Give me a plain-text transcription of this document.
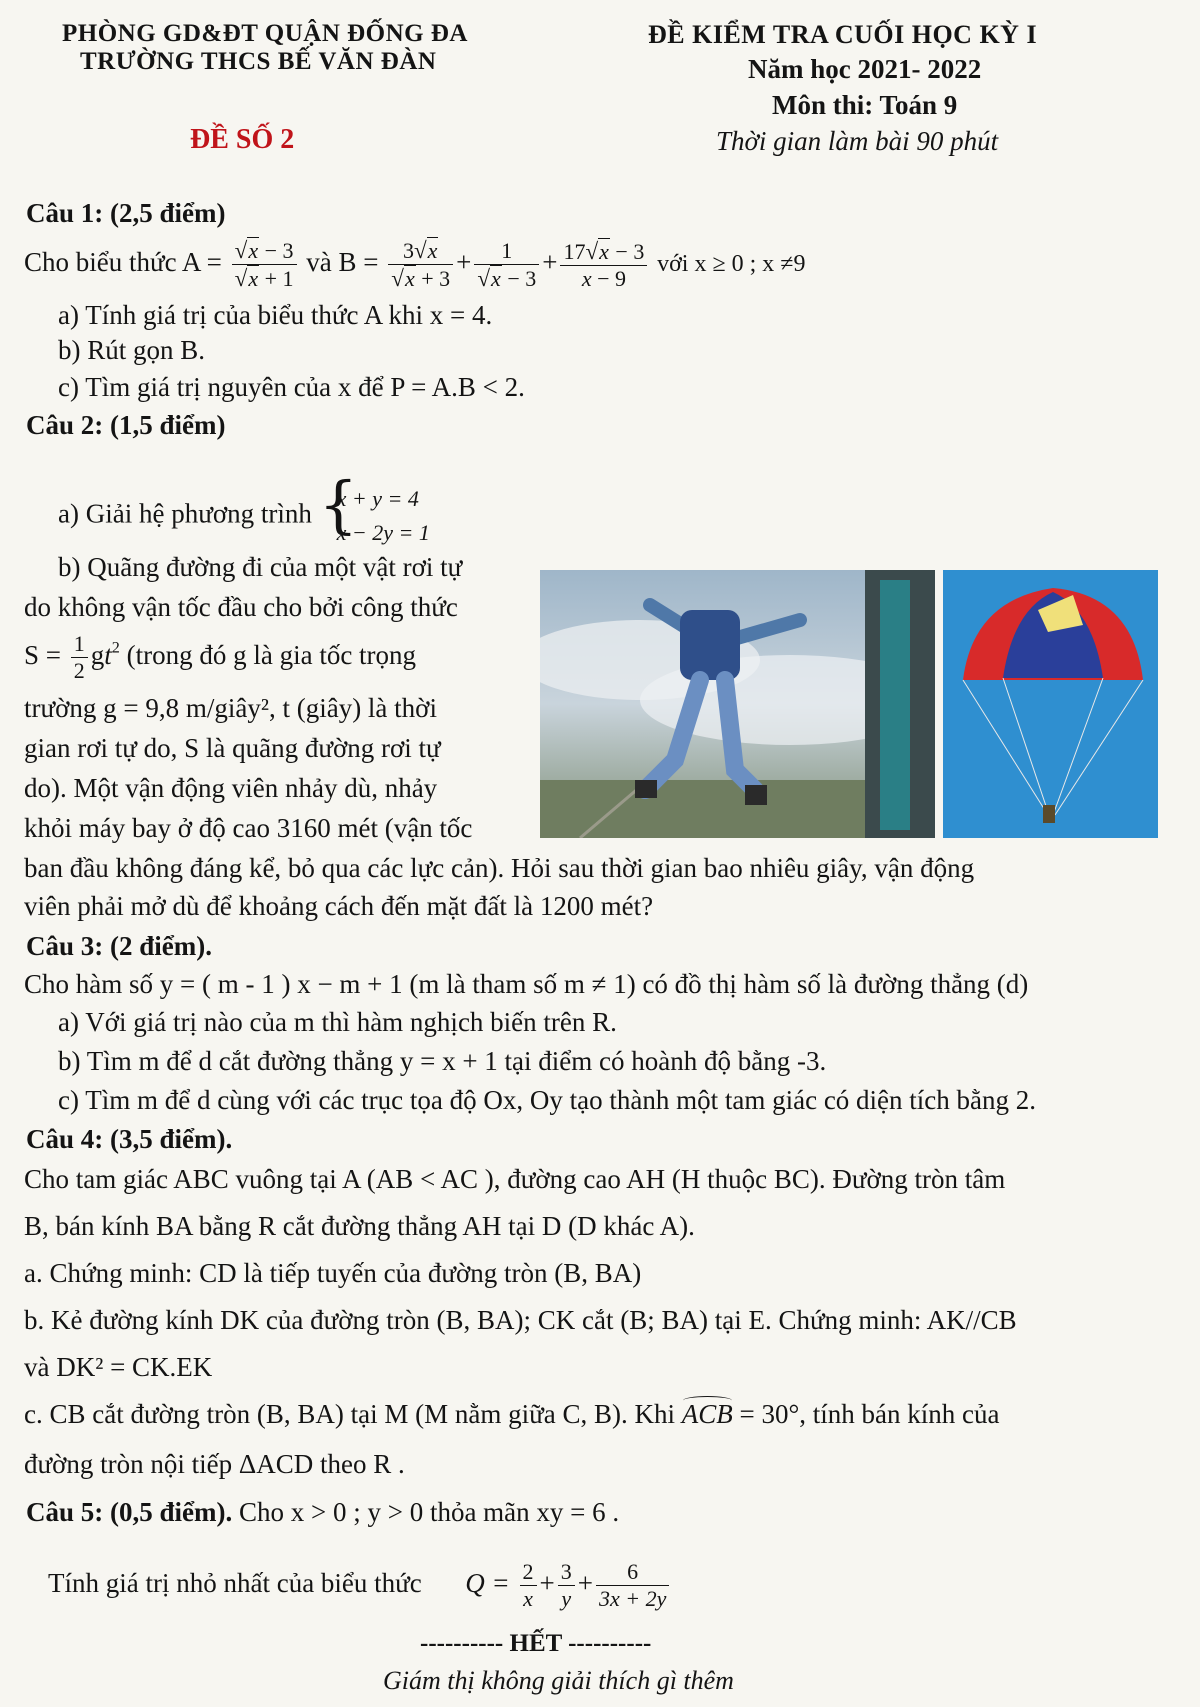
PHÒNG GD&ĐT QUẬN ĐỐNG ĐA
TRƯỜNG THCS BẾ VĂN ĐÀN
ĐỀ KIỂM TRA CUỐI HỌC KỲ I
Năm học 2021- 2022
Môn thi: Toán 9
ĐỀ SỐ 2	Thời gian làm bài 90 phút
Câu 1: (2,5 điểm)
Cho biểu thức $A = \frac{√x - 3}{√x + 1}$ và $B = \frac{3√x}{√x + 3} + \frac{1}{√x - 3} + \frac{17√x - 3}{x - 9}$ với x ≥ 0 ; x ≠9
a) Tính giá trị của biểu thức A khi x = 4.
b) Rút gọn B.
c) Tìm giá trị nguyên của x để P = A.B < 2.
Câu 2: (1,5 điểm)
a) Giải hệ phương trình {
x + y = 4
x − 2y = 1
b) Quãng đường đi của một vật rơi tự
do không vận tốc đầu cho bởi công thức
$S = \frac{1}{2} gt^2$ (trong đó g là gia tốc trọng
trường g = 9,8 m/giây², t (giây) là thời
gian rơi tự do, S là quãng đường rơi tự
do). Một vận động viên nhảy dù, nhảy
khỏi máy bay ở độ cao 3160 mét (vận tốc
ban đầu không đáng kể, bỏ qua các lực cản). Hỏi sau thời gian bao nhiêu giây, vận động
viên phải mở dù để khoảng cách đến mặt đất là 1200 mét?
Câu 3: (2 điểm).
Cho hàm số y = ( m - 1 ) x − m + 1 (m là tham số m ≠ 1) có đồ thị hàm số là đường thẳng (d)
a) Với giá trị nào của m thì hàm nghịch biến trên R.
b) Tìm m để d cắt đường thẳng y = x + 1 tại điểm có hoành độ bằng -3.
c) Tìm m để d cùng với các trục tọa độ Ox, Oy tạo thành một tam giác có diện tích bằng 2.
Câu 4: (3,5 điểm).
Cho tam giác ABC vuông tại A (AB < AC ), đường cao AH (H thuộc BC). Đường tròn tâm
B, bán kính BA bằng R cắt đường thẳng AH tại D (D khác A).
a. Chứng minh: CD là tiếp tuyến của đường tròn (B, BA)
b. Kẻ đường kính DK của đường tròn (B, BA); CK cắt (B; BA) tại E. Chứng minh: AK//CB
và DK² = CK.EK
c. CB cắt đường tròn (B, BA) tại M (M nằm giữa C, B). Khi ACB = 30°, tính bán kính của
đường tròn nội tiếp ΔACD theo R .
Câu 5: (0,5 điểm). Cho x > 0 ; y > 0 thỏa mãn xy = 6 .
Tính giá trị nhỏ nhất của biểu thức $Q = \frac{2}{x} + \frac{3}{y} + \frac{6}{3x + 2y}$
---------- HẾT ----------
Giám thị không giải thích gì thêm
